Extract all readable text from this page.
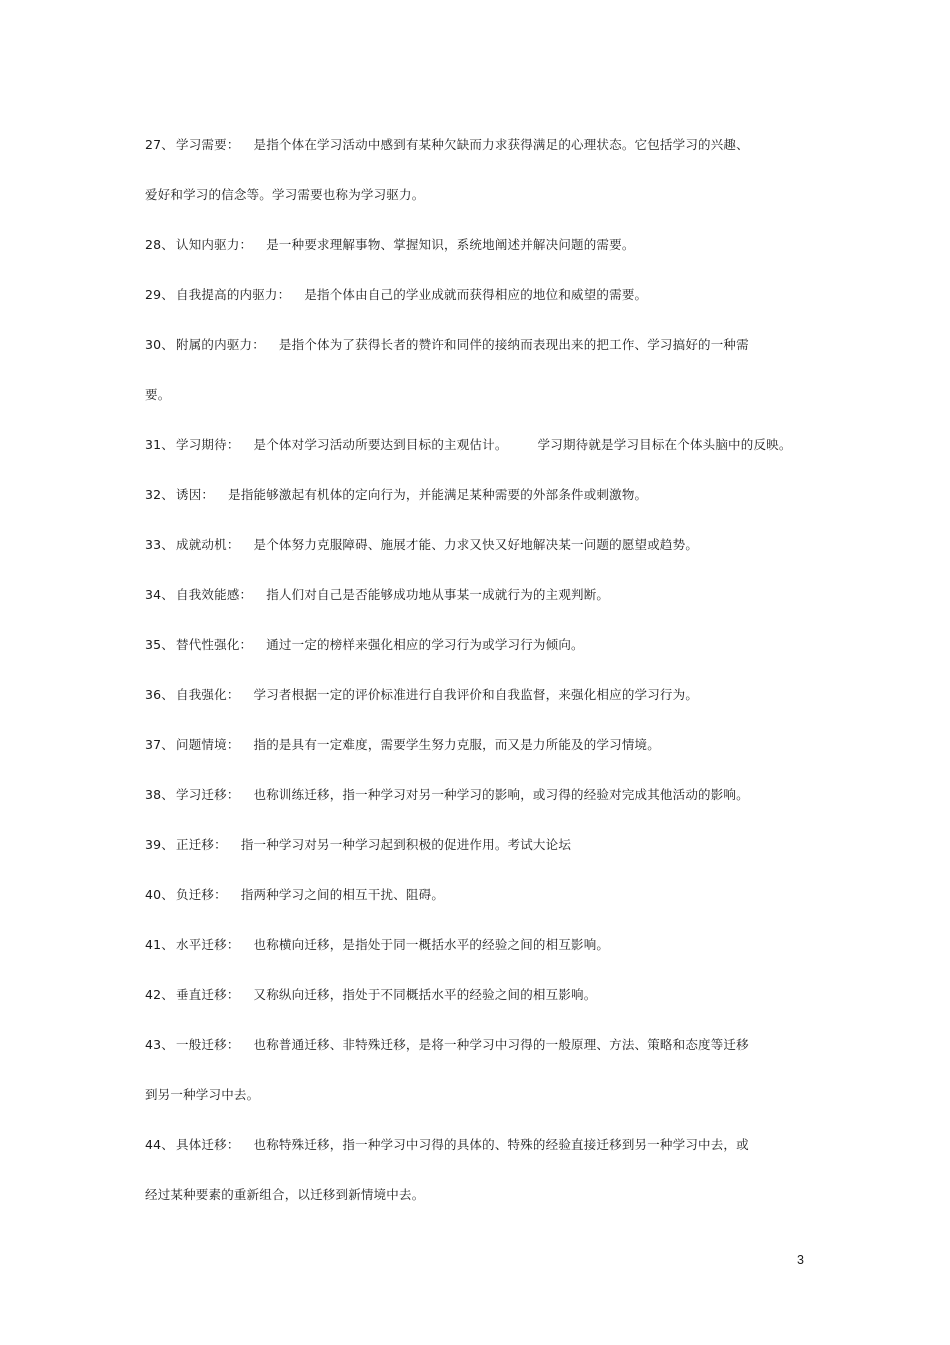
27、 学习需要： 是指个体在学习活动中感到有某种欠缺而力求获得满足的心理状态。它包括学习的兴趣、
爱好和学习的信念等。学习需要也称为学习驱力。
28、 认知内驱力： 是一种要求理解事物、掌握知识，系统地阐述并解决问题的需要。
29、 自我提高的内驱力： 是指个体由自己的学业成就而获得相应的地位和威望的需要。
30、 附属的内驱力： 是指个体为了获得长者的赞许和同伴的接纳而表现出来的把工作、学习搞好的一种需
要。
31、 学习期待： 是个体对学习活动所要达到目标的主观估计。 学习期待就是学习目标在个体头脑中的反映。
32、 诱因： 是指能够激起有机体的定向行为，并能满足某种需要的外部条件或刺激物。
33、 成就动机： 是个体努力克服障碍、施展才能、力求又快又好地解决某一问题的愿望或趋势。
34、 自我效能感： 指人们对自己是否能够成功地从事某一成就行为的主观判断。
35、 替代性强化： 通过一定的榜样来强化相应的学习行为或学习行为倾向。
36、 自我强化： 学习者根据一定的评价标准进行自我评价和自我监督，来强化相应的学习行为。
37、 问题情境： 指的是具有一定难度，需要学生努力克服，而又是力所能及的学习情境。
38、 学习迁移： 也称训练迁移，指一种学习对另一种学习的影响，或习得的经验对完成其他活动的影响。
39、 正迁移： 指一种学习对另一种学习起到积极的促进作用。考试大论坛
40、 负迁移： 指两种学习之间的相互干扰、阻碍。
41、 水平迁移： 也称横向迁移，是指处于同一概括水平的经验之间的相互影响。
42、 垂直迁移： 又称纵向迁移，指处于不同概括水平的经验之间的相互影响。
43、 一般迁移： 也称普通迁移、非特殊迁移，是将一种学习中习得的一般原理、方法、策略和态度等迁移
到另一种学习中去。
44、 具体迁移： 也称特殊迁移，指一种学习中习得的具体的、特殊的经验直接迁移到另一种学习中去，或
经过某种要素的重新组合，以迁移到新情境中去。
3
